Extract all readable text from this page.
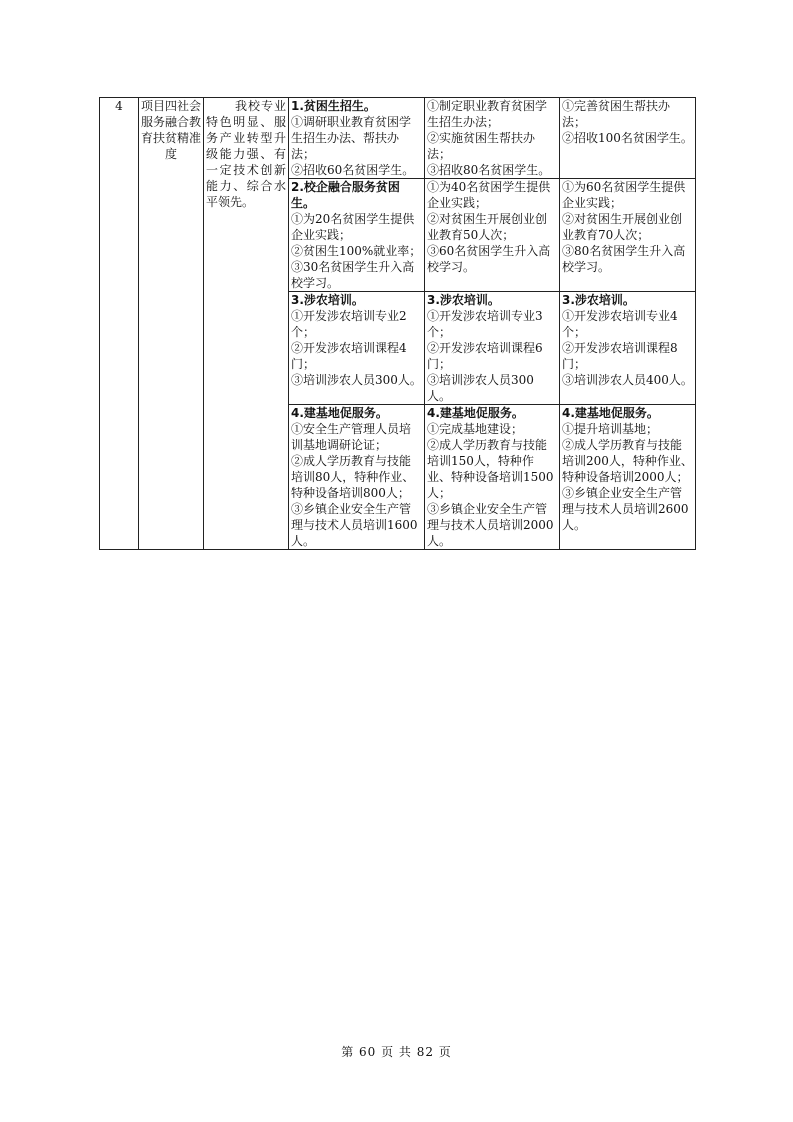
4	项目四社会服务融合教育扶贫精准度	我校专业特色明显、服务产业转型升级能力强、有一定技术创新能力、综合水平领先。	1.贫困生招生。
①调研职业教育贫困学生招生办法、帮扶办法；
②招收60名贫困学生。	①制定职业教育贫困学生招生办法；
②实施贫困生帮扶办法；
③招收80名贫困学生。	①完善贫困生帮扶办法；
②招收100名贫困学生。

			2.校企融合服务贫困生。
①为20名贫困学生提供企业实践；
②贫困生100%就业率；
③30名贫困学生升入高校学习。	①为40名贫困学生提供企业实践；
②对贫困生开展创业创业教育50人次；
③60名贫困学生升入高校学习。	①为60名贫困学生提供企业实践；
②对贫困生开展创业创业教育70人次；
③80名贫困学生升入高校学习。

			3.涉农培训。
①开发涉农培训专业2个；
②开发涉农培训课程4门；
③培训涉农人员300人。	3.涉农培训。
①开发涉农培训专业3个；
②开发涉农培训课程6门；
③培训涉农人员300人。	3.涉农培训。
①开发涉农培训专业4个；
②开发涉农培训课程8门；
③培训涉农人员400人。

			4.建基地促服务。
①安全生产管理人员培训基地调研论证；
②成人学历教育与技能培训80人，特种作业、特种设备培训800人；
③乡镇企业安全生产管理与技术人员培训1600人。	4.建基地促服务。
①完成基地建设；
②成人学历教育与技能培训150人，特种作业、特种设备培训1500人；
③乡镇企业安全生产管理与技术人员培训2000人。	4.建基地促服务。
①提升培训基地；
②成人学历教育与技能培训200人，特种作业、特种设备培训2000人；
③乡镇企业安全生产管理与技术人员培训2600人。
第 60 页 共 82 页
